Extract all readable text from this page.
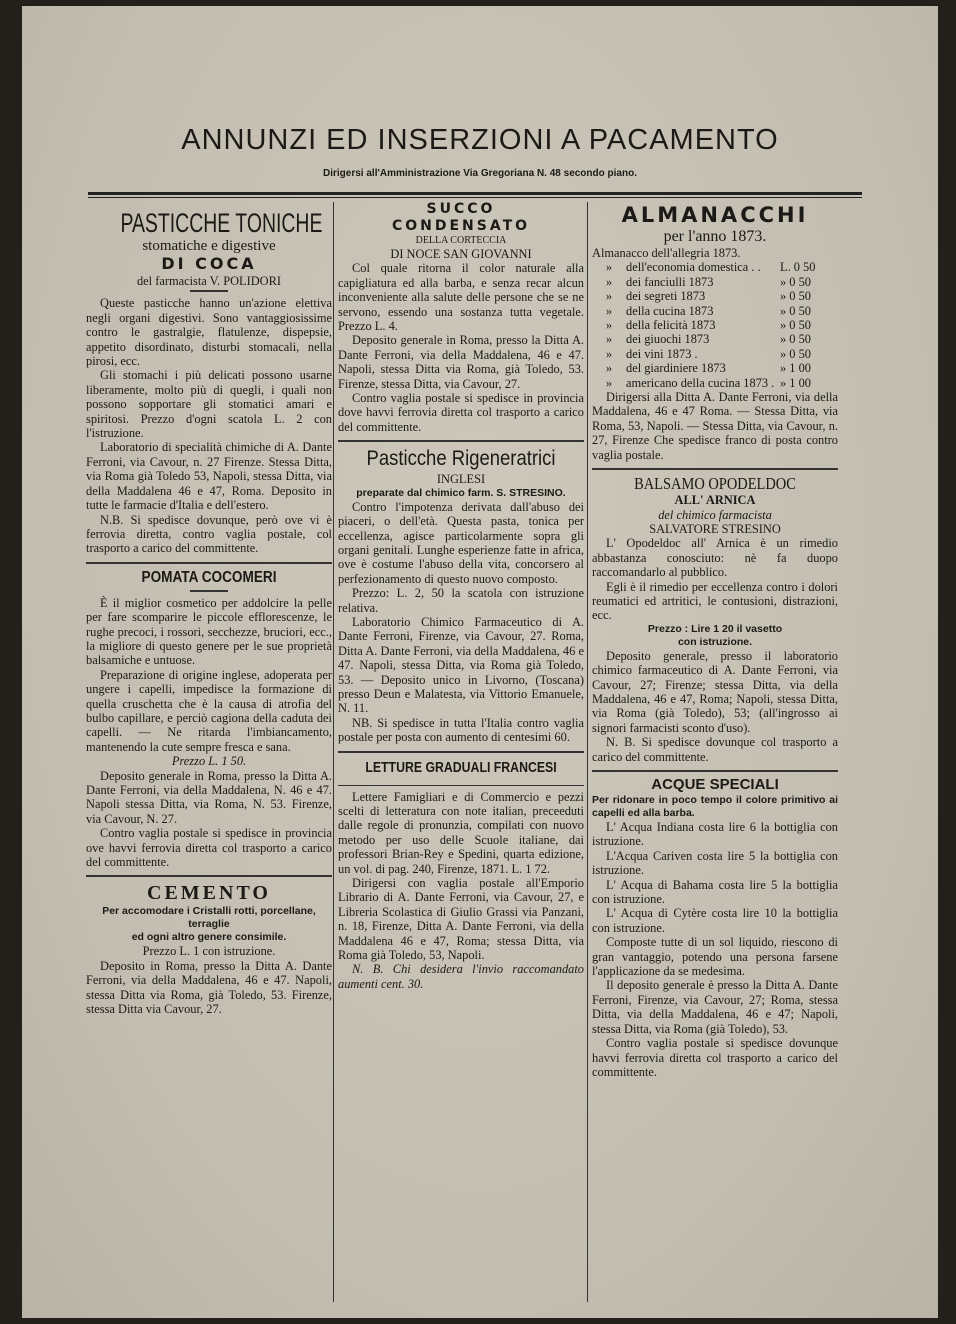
ANNUNZI ED INSERZIONI A PACAMENTO
Dirigersi all'Amministrazione Via Gregoriana N. 48 secondo piano.
PASTICCHE TONICHE
stomatiche e digestive
DI COCA
del farmacista V. POLIDORI

Queste pasticche hanno un'azione elettiva negli organi digestivi. Sono vantaggiosissime contro le gastralgie, flatulenze, dispepsie, appetito disordinato, disturbi stomacali, nella pirosi, ecc.

Gli stomachi i più delicati possono usarne liberamente, molto più di quegli, i quali non possono sopportare gli stomatici amari e spiritosi. Prezzo d'ogni scatola L. 2 con l'istruzione.

Laboratorio di specialità chimiche di A. Dante Ferroni, via Cavour, n. 27 Firenze. Stessa Ditta, via Roma già Toledo 53, Napoli, stessa Ditta, via della Maddalena 46 e 47, Roma. Deposito in tutte le farmacie d'Italia e dell'estero.

N.B. Si spedisce dovunque, però ove vi è ferrovia diretta, contro vaglia postale, col trasporto a carico del committente.

POMATA COCOMERI

È il miglior cosmetico per addolcire la pelle per fare scomparire le piccole efflorescenze, le rughe precoci, i rossori, secchezze, bruciori, ecc., la migliore di questo genere per le sue proprietà balsamiche e untuose.

Preparazione di origine inglese, adoperata per ungere i capelli, impedisce la formazione di quella cruschetta che è la causa di atrofia del bulbo capillare, e perciò cagiona della caduta dei capelli. — Ne ritarda l'imbiancamento, mantenendo la cute sempre fresca e sana.

Prezzo L. 1 50.

Deposito generale in Roma, presso la Ditta A. Dante Ferroni, via della Maddalena, N. 46 e 47. Napoli stessa Ditta, via Roma, N. 53. Firenze, via Cavour, N. 27.

Contro vaglia postale si spedisce in provincia ove havvi ferrovia diretta col trasporto a carico del committente.

CEMENTO
Per accomodare i Cristalli rotti, porcellane, terraglie
ed ogni altro genere consimile.

Prezzo L. 1 con istruzione.

Deposito in Roma, presso la Ditta A. Dante Ferroni, via della Maddalena, 46 e 47. Napoli, stessa Ditta via Roma, già Toledo, 53. Firenze, stessa Ditta via Cavour, 27.

SUCCO
CONDENSATO
DELLA CORTECCIA
DI NOCE SAN GIOVANNI

Col quale ritorna il color naturale alla capigliatura ed alla barba, e senza recar alcun inconveniente alla salute delle persone che se ne servono, essendo una sostanza tutta vegetale. Prezzo L. 4.

Deposito generale in Roma, presso la Ditta A. Dante Ferroni, via della Maddalena, 46 e 47. Napoli, stessa Ditta via Roma, già Toledo, 53. Firenze, stessa Ditta, via Cavour, 27.

Contro vaglia postale si spedisce in provincia dove havvi ferrovia diretta col trasporto a carico del committente.

Pasticche Rigeneratrici
INGLESI
preparate dal chimico farm. S. STRESINO.

Contro l'impotenza derivata dall'abuso dei piaceri, o dell'età. Questa pasta, tonica per eccellenza, agisce particolarmente sopra gli organi genitali. Lunghe esperienze fatte in africa, ove è costume l'abuso della vita, concorsero al perfezionamento di questo nuovo composto.

Prezzo: L. 2, 50 la scatola con istruzione relativa.

Laboratorio Chimico Farmaceutico di A. Dante Ferroni, Firenze, via Cavour, 27. Roma, Ditta A. Dante Ferroni, via della Maddalena, 46 e 47. Napoli, stessa Ditta, via Roma già Toledo, 53. — Deposito unico in Livorno, (Toscana) presso Deun e Malatesta, via Vittorio Emanuele, N. 11.

NB. Si spedisce in tutta l'Italia contro vaglia postale per posta con aumento di centesimi 60.

LETTURE GRADUALI FRANCESI

Lettere Famigliari e di Commercio e pezzi scelti di letteratura con note italian, preceeduti dalle regole di pronunzia, compilati con nuovo metodo per uso delle Scuole italiane, dai professori Brian-Rey e Spedini, quarta edizione, un vol. di pag. 240, Firenze, 1871. L. 1 72.

Dirigersi con vaglia postale all'Emporio Librario di A. Dante Ferroni, via Cavour, 27, e Libreria Scolastica di Giulio Grassi via Panzani, n. 18, Firenze, Ditta A. Dante Ferroni, via della Maddalena 46 e 47, Roma; stessa Ditta, via Roma già Toledo, 53, Napoli.

N. B. Chi desidera l'invio raccomandato aumenti cent. 30.

ALMANACCHI
per l'anno 1873.

Almanacco dell'allegria 1873.

»	dell'economia domestica . .	L. 0 50
»	dei fanciulli 1873	» 0 50
»	dei segreti 1873	» 0 50
»	della cucina 1873	» 0 50
»	della felicità 1873	» 0 50
»	dei giuochi 1873	» 0 50
»	dei vini 1873 .	» 0 50
»	del giardiniere 1873	» 1 00
»	americano della cucina 1873 . » 1 00

Dirigersi alla Ditta A. Dante Ferroni, via della Maddalena, 46 e 47 Roma. — Stessa Ditta, via Roma, 53, Napoli. — Stessa Ditta, via Cavour, n. 27, Firenze Che spedisce franco di posta contro vaglia postale.

BALSAMO OPODELDOC
ALL' ARNICA
del chimico farmacista
SALVATORE STRESINO

L' Opodeldoc all' Arnica è un rimedio abbastanza conosciuto: nè fa duopo raccomandarlo al pubblico.

Egli è il rimedio per eccellenza contro i dolori reumatici ed artritici, le contusioni, distrazioni, ecc.

Prezzo : Lire 1 20 il vasetto
con istruzione.

Deposito generale, presso il laboratorio chimico farmaceutico di A. Dante Ferroni, via Cavour, 27; Firenze; stessa Ditta, via della Maddalena, 46 e 47, Roma; Napoli, stessa Ditta, via Roma (già Toledo), 53; (all'ingrosso ai signori farmacisti sconto d'uso).

N. B. Si spedisce dovunque col trasporto a carico del committente.

ACQUE SPECIALI

Per ridonare in poco tempo il colore primitivo ai capelli ed alla barba.

L' Acqua Indiana costa lire 6 la bottiglia con istruzione.

L'Acqua Cariven costa lire 5 la bottiglia con istruzione.

L' Acqua di Bahama costa lire 5 la bottiglia con istruzione.

L' Acqua di Cytère costa lire 10 la bottiglia con istruzione.

Composte tutte di un sol liquido, riescono di gran vantaggio, potendo una persona farsene l'applicazione da se medesima.

Il deposito generale è presso la Ditta A. Dante Ferroni, Firenze, via Cavour, 27; Roma, stessa Ditta, via della Maddalena, 46 e 47; Napoli, stessa Ditta, via Roma (già Toledo), 53.

Contro vaglia postale si spedisce dovunque havvi ferrovia diretta col trasporto a carico del committente.
